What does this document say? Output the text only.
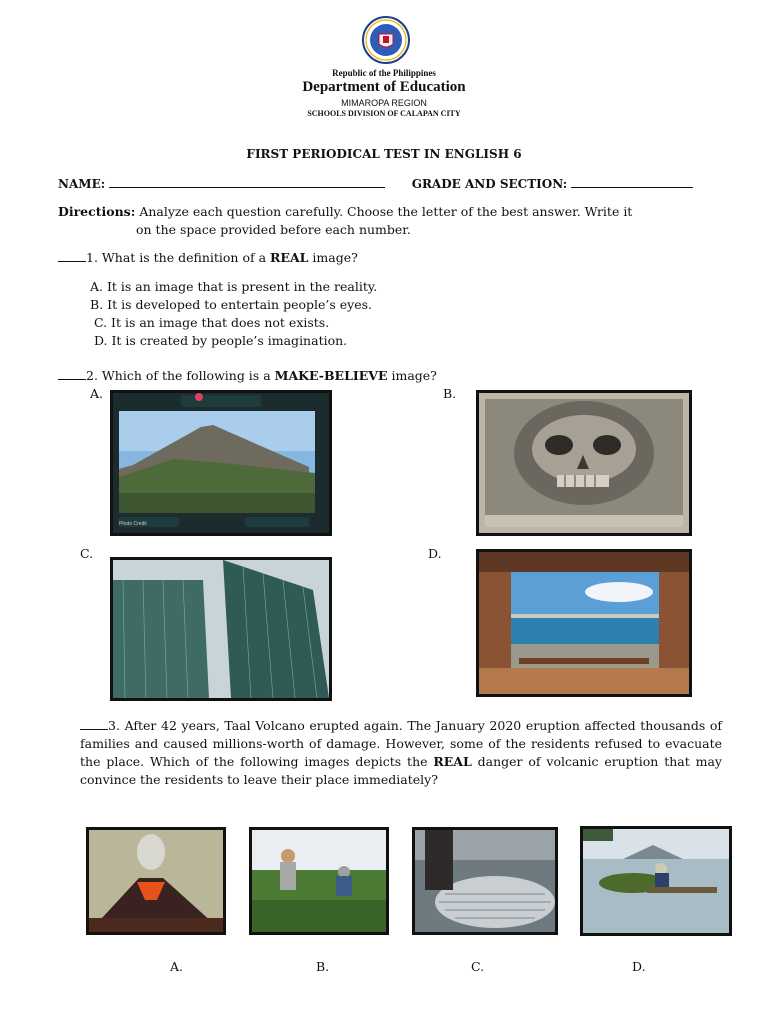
Republic of the Philippines
Department of Education
MIMAROPA REGION
SCHOOLS DIVISION OF CALAPAN CITY
FIRST PERIODICAL TEST IN ENGLISH 6
NAME:	GRADE AND SECTION:
Directions: Analyze each question carefully. Choose the letter of the best answer. Write it
on the space provided before each number.
1. What is the definition of a REAL image?
A. It is an image that is present in the reality.
B. It is developed to entertain people’s eyes.
C. It is an image that does not exists.
D. It is created by people’s imagination.
2. Which of the following is a MAKE-BELIEVE image?
A.	B.
C.	D.
Photo Credit
3. After 42 years, Taal Volcano erupted again. The January 2020 eruption affected thousands of families and caused millions-worth of damage. However, some of the residents refused to evacuate the place. Which of the following images depicts the REAL danger of volcanic eruption that may convince the residents to leave their place immediately?
A.	B.	C.	D.
